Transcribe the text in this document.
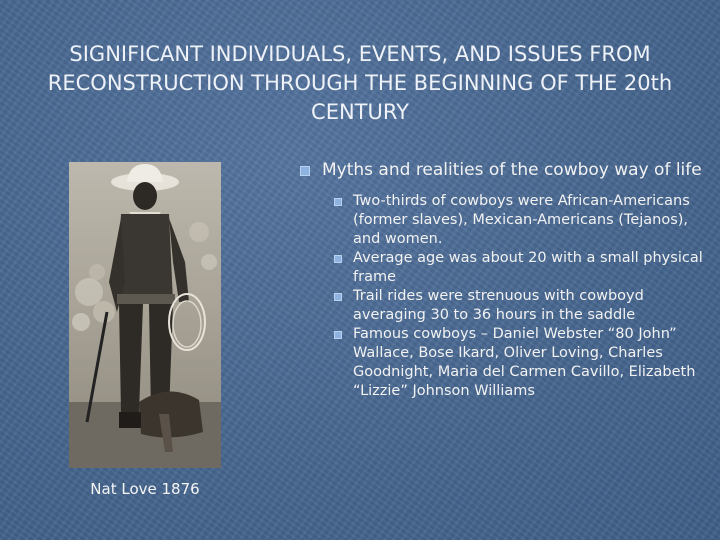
SIGNIFICANT INDIVIDUALS, EVENTS, AND ISSUES FROM RECONSTRUCTION THROUGH THE BEGINNING OF THE 20th CENTURY
Nat Love 1876
Myths and realities of the cowboy way of life
Two-thirds of cowboys were African-Americans (former slaves), Mexican-Americans (Tejanos), and women.
Average age was about 20 with a small physical frame
Trail rides were strenuous with cowboyd averaging 30 to 36 hours in the saddle
Famous cowboys – Daniel Webster “80 John” Wallace, Bose Ikard, Oliver Loving, Charles Goodnight, Maria del Carmen Cavillo, Elizabeth “Lizzie” Johnson Williams
